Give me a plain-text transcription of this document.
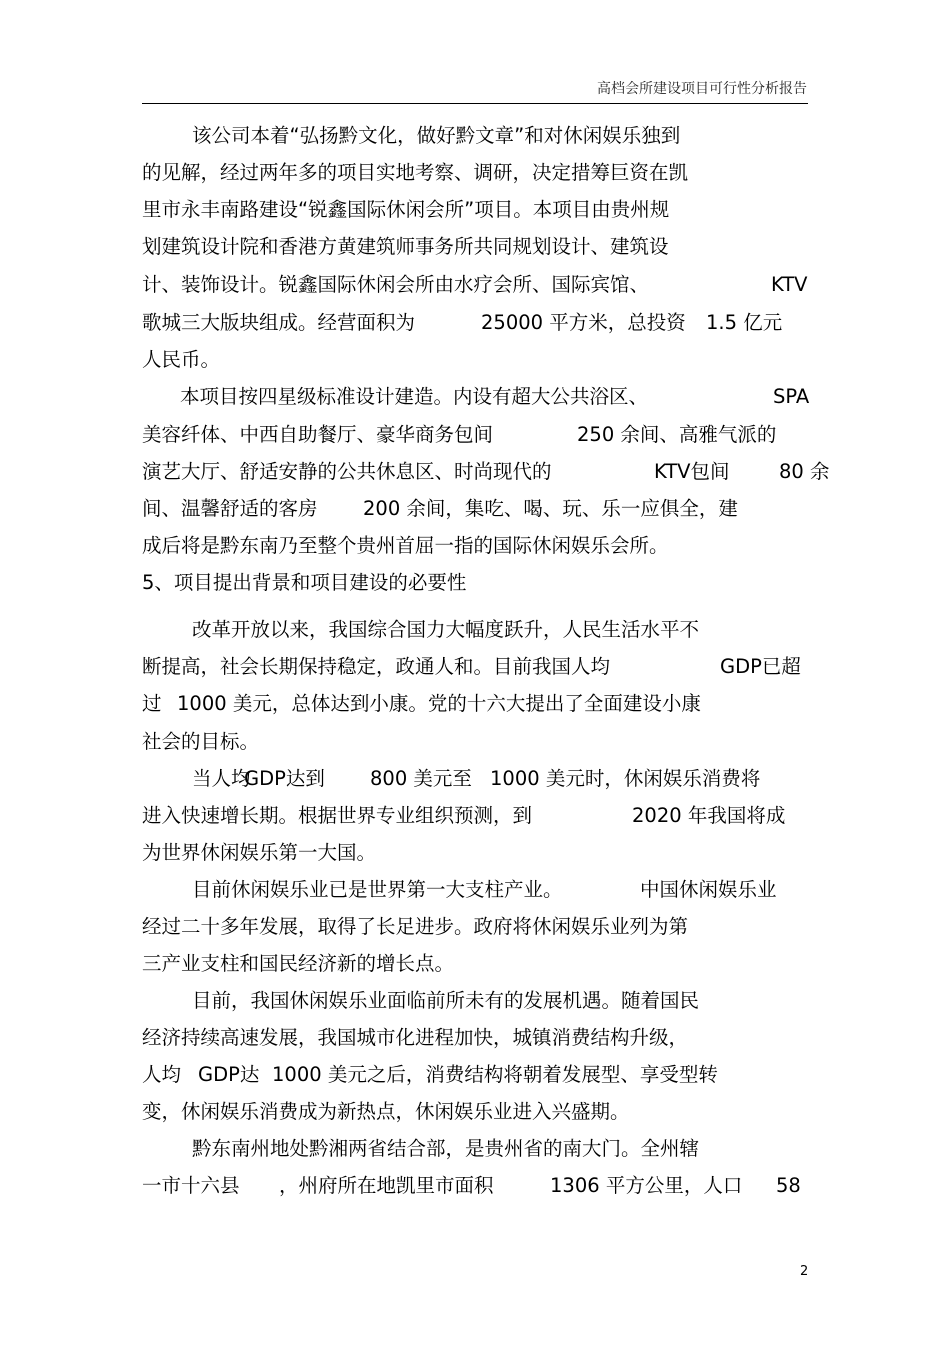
高档会所建设项目可行性分析报告
该公司本着“弘扬黔文化，做好黔文章”和对休闲娱乐独到
的见解，经过两年多的项目实地考察、调研，决定措筹巨资在凯
里市永丰南路建设“锐鑫国际休闲会所”项目。本项目由贵州规
划建筑设计院和香港方黄建筑师事务所共同规划设计、建筑设
计、装饰设计。锐鑫国际休闲会所由水疗会所、国际宾馆、	KTV
歌城三大版块组成。经营面积为	25000 平方米，总投资 1.5 亿元
人民币。
本项目按四星级标准设计建造。内设有超大公共浴区、	SPA
美容纤体、中西自助餐厅、豪华商务包间	250 余间、高雅气派的
演艺大厅、舒适安静的公共休息区、时尚现代的	KTV包间	80 余
间、温馨舒适的客房 200 余间，集吃、喝、玩、乐一应俱全，建
成后将是黔东南乃至整个贵州首屈一指的国际休闲娱乐会所。
5、项目提出背景和项目建设的必要性
改革开放以来，我国综合国力大幅度跃升，人民生活水平不
断提高，社会长期保持稳定，政通人和。目前我国人均	GDP已超
过 1000 美元，总体达到小康。党的十六大提出了全面建设小康
社会的目标。
当人均
GDP达到 800 美元至 1000 美元时，休闲娱乐消费将
进入快速增长期。根据世界专业组织预测，到	2020 年我国将成
为世界休闲娱乐第一大国。
目前休闲娱乐业已是世界第一大支柱产业。	中国休闲娱乐业
经过二十多年发展，取得了长足进步。政府将休闲娱乐业列为第
三产业支柱和国民经济新的增长点。
目前，我国休闲娱乐业面临前所未有的发展机遇。随着国民
经济持续高速发展，我国城市化进程加快，城镇消费结构升级，
人均 GDP达 1000 美元之后，消费结构将朝着发展型、享受型转
变，休闲娱乐消费成为新热点，休闲娱乐业进入兴盛期。
黔东南州地处黔湘两省结合部，是贵州省的南大门。全州辖
一市十六县 ，州府所在地凯里市面积	1306 平方公里，人口 58
2
